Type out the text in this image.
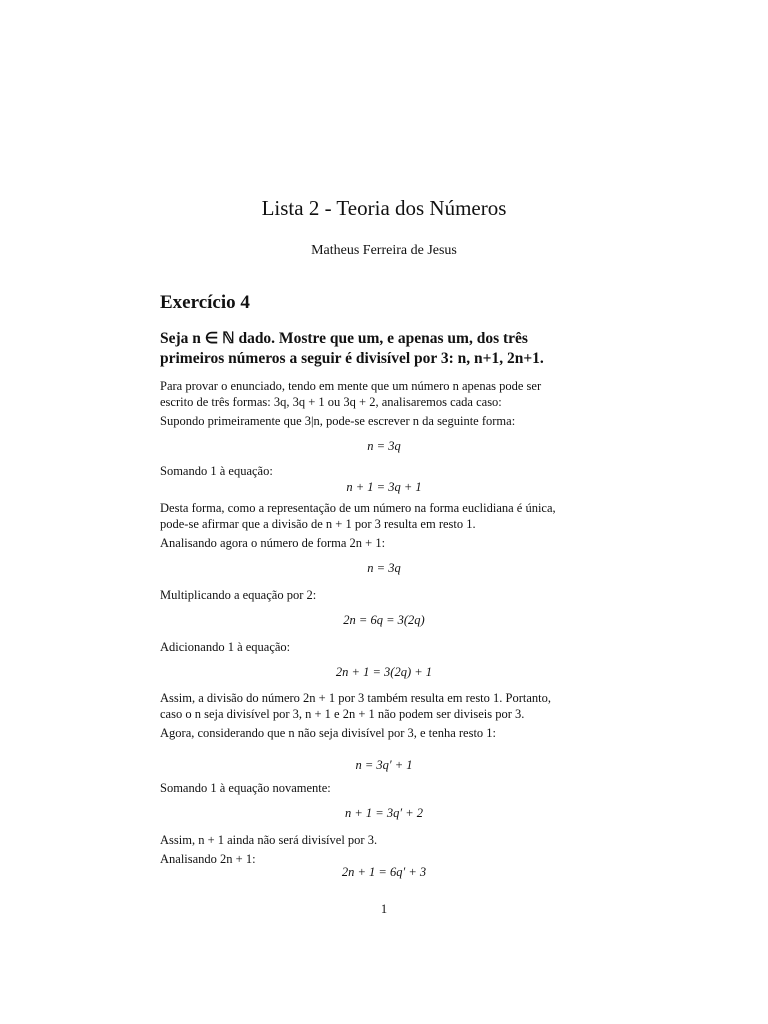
Lista 2 - Teoria dos Números
Matheus Ferreira de Jesus
Exercício 4
Seja n ∈ ℕ dado. Mostre que um, e apenas um, dos três
primeiros números a seguir é divisível por 3: n, n+1, 2n+1.
Para provar o enunciado, tendo em mente que um número n apenas pode ser
escrito de três formas: 3q, 3q + 1 ou 3q + 2, analisaremos cada caso:
Supondo primeiramente que 3|n, pode-se escrever n da seguinte forma:
n = 3q
Somando 1 à equação:
n + 1 = 3q + 1
Desta forma, como a representação de um número na forma euclidiana é única,
pode-se afirmar que a divisão de n + 1 por 3 resulta em resto 1.
Analisando agora o número de forma 2n + 1:
n = 3q
Multiplicando a equação por 2:
2n = 6q = 3(2q)
Adicionando 1 à equação:
2n + 1 = 3(2q) + 1
Assim, a divisão do número 2n + 1 por 3 também resulta em resto 1. Portanto,
caso o n seja divisível por 3, n + 1 e 2n + 1 não podem ser diviseis por 3.
Agora, considerando que n não seja divisível por 3, e tenha resto 1:
n = 3q′ + 1
Somando 1 à equação novamente:
n + 1 = 3q′ + 2
Assim, n + 1 ainda não será divisível por 3.
Analisando 2n + 1:
2n + 1 = 6q′ + 3
1
